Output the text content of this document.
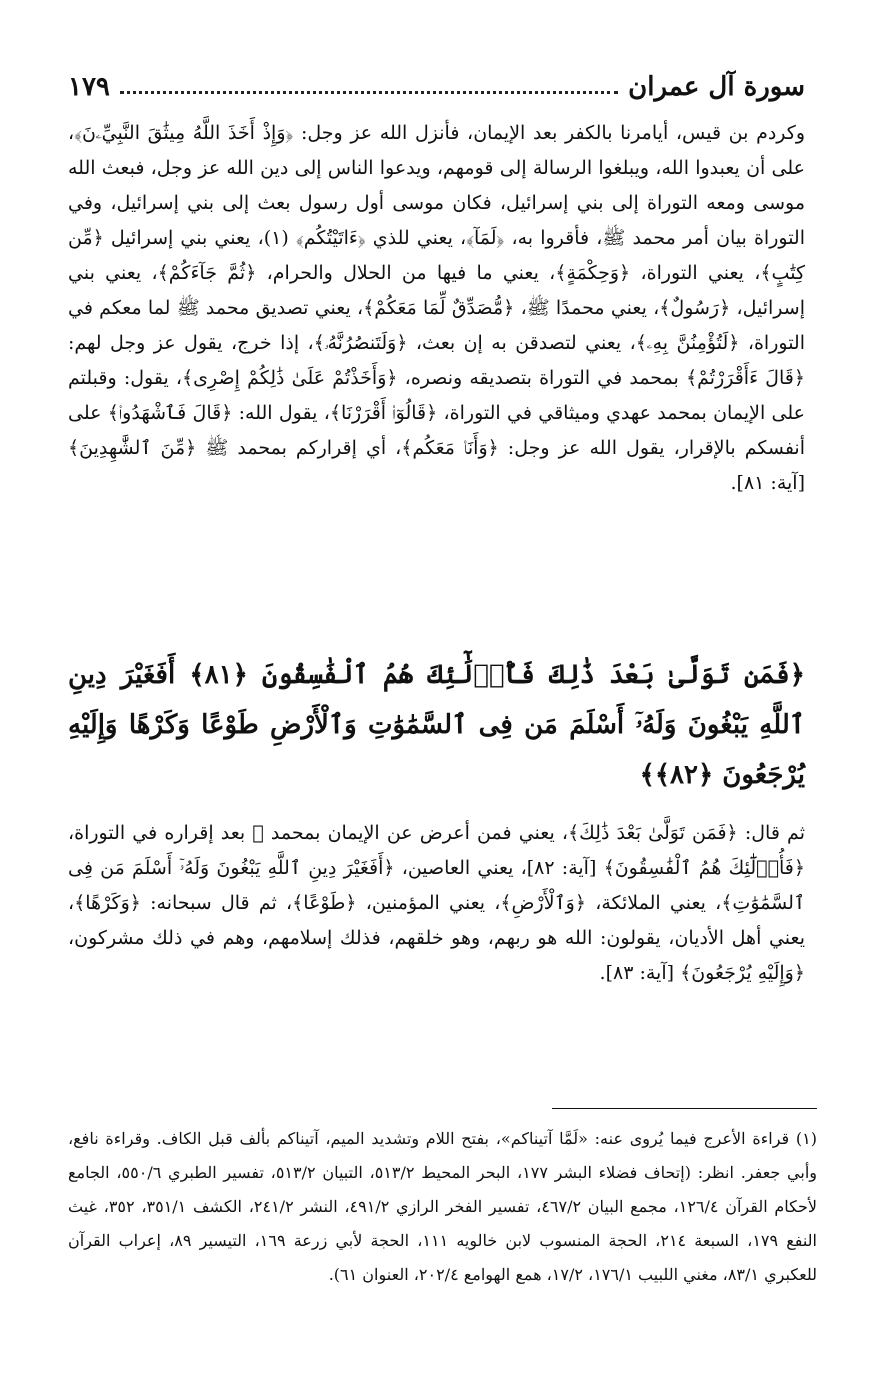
سورة آل عمران
١٧٩
وكردم بن قيس، أيامرنا بالكفر بعد الإيمان، فأنزل الله عز وجل: ﴿وَإِذْ أَخَذَ اللَّهُ مِيثَٰقَ النَّبِيِّۦنَ﴾، على أن يعبدوا الله، ويبلغوا الرسالة إلى قومهم، ويدعوا الناس إلى دين الله عز وجل، فبعث الله موسى ومعه التوراة إلى بني إسرائيل، فكان موسى أول رسول بعث إلى بني إسرائيل، وفي التوراة بيان أمر محمد ﷺ، فأقروا به، ﴿لَمَآ﴾، يعني للذي ﴿ءَاتَيْتُكُم﴾ (١)، يعني بني إسرائيل ﴿مِّن كِتَٰبٍ﴾، يعني التوراة، ﴿وَحِكْمَةٍ﴾، يعني ما فيها من الحلال والحرام، ﴿ثُمَّ جَآءَكُمْ﴾، يعني بني إسرائيل، ﴿رَسُولٌ﴾، يعني محمدًا ﷺ، ﴿مُّصَدِّقٌ لِّمَا مَعَكُمْ﴾، يعني تصديق محمد ﷺ لما معكم في التوراة، ﴿لَتُؤْمِنُنَّ بِهِۦ﴾، يعني لتصدقن به إن بعث، ﴿وَلَتَنصُرُنَّهُۥ﴾، إذا خرج، يقول عز وجل لهم: ﴿قَالَ ءَأَقْرَرْتُمْ﴾ بمحمد في التوراة بتصديقه ونصره، ﴿وَأَخَذْتُمْ عَلَىٰ ذَٰلِكُمْ إِصْرِى﴾، يقول: وقبلتم على الإيمان بمحمد عهدي وميثاقي في التوراة، ﴿قَالُوٓا۟ أَقْرَرْنَا﴾، يقول الله: ﴿قَالَ فَٱشْهَدُوا۟﴾ على أنفسكم بالإقرار، يقول الله عز وجل: ﴿وَأَنَا۠ مَعَكُم﴾، أي إقراركم بمحمد ﷺ ﴿مِّنَ ٱلشَّٰهِدِينَ﴾ [آية: ٨١].
﴿فَمَن تَوَلَّىٰ بَعْدَ ذَٰلِكَ فَأُو۟لَٰٓئِكَ هُمُ ٱلْفَٰسِقُونَ ﴿٨١﴾ أَفَغَيْرَ دِينِ ٱللَّهِ يَبْغُونَ وَلَهُۥٓ أَسْلَمَ مَن فِى ٱلسَّمَٰوَٰتِ وَٱلْأَرْضِ طَوْعًا وَكَرْهًا وَإِلَيْهِ يُرْجَعُونَ ﴿٨٢﴾﴾
ثم قال: ﴿فَمَن تَوَلَّىٰ بَعْدَ ذَٰلِكَ﴾، يعني فمن أعرض عن الإيمان بمحمد ﷺ بعد إقراره في التوراة، ﴿فَأُو۟لَٰٓئِكَ هُمُ ٱلْفَٰسِقُونَ﴾ [آية: ٨٢]، يعني العاصين، ﴿أَفَغَيْرَ دِينِ ٱللَّهِ يَبْغُونَ وَلَهُۥٓ أَسْلَمَ مَن فِى ٱلسَّمَٰوَٰتِ﴾، يعني الملائكة، ﴿وَٱلْأَرْضِ﴾، يعني المؤمنين، ﴿طَوْعًا﴾، ثم قال سبحانه: ﴿وَكَرْهًا﴾، يعني أهل الأديان، يقولون: الله هو ربهم، وهو خلقهم، فذلك إسلامهم، وهم في ذلك مشركون، ﴿وَإِلَيْهِ يُرْجَعُونَ﴾ [آية: ٨٣].
(١) قراءة الأعرج فيما يُروى عنه: «لَمَّا آتيناكم»، بفتح اللام وتشديد الميم، آتيناكم بألف قبل الكاف. وقراءة نافع، وأبي جعفر. انظر: (إتحاف فضلاء البشر ١٧٧، البحر المحيط ٥١٣/٢، التبيان ٥١٣/٢، تفسير الطبري ٥٥٠/٦، الجامع لأحكام القرآن ١٢٦/٤، مجمع البيان ٤٦٧/٢، تفسير الفخر الرازي ٤٩١/٢، النشر ٢٤١/٢، الكشف ٣٥١/١، ٣٥٢، غيث النفع ١٧٩، السبعة ٢١٤، الحجة المنسوب لابن خالويه ١١١، الحجة لأبي زرعة ١٦٩، التيسير ٨٩، إعراب القرآن للعكبري ٨٣/١، مغني اللبيب ١٧٦/١، ١٧/٢، همع الهوامع ٢٠٢/٤، العنوان ٦١).
